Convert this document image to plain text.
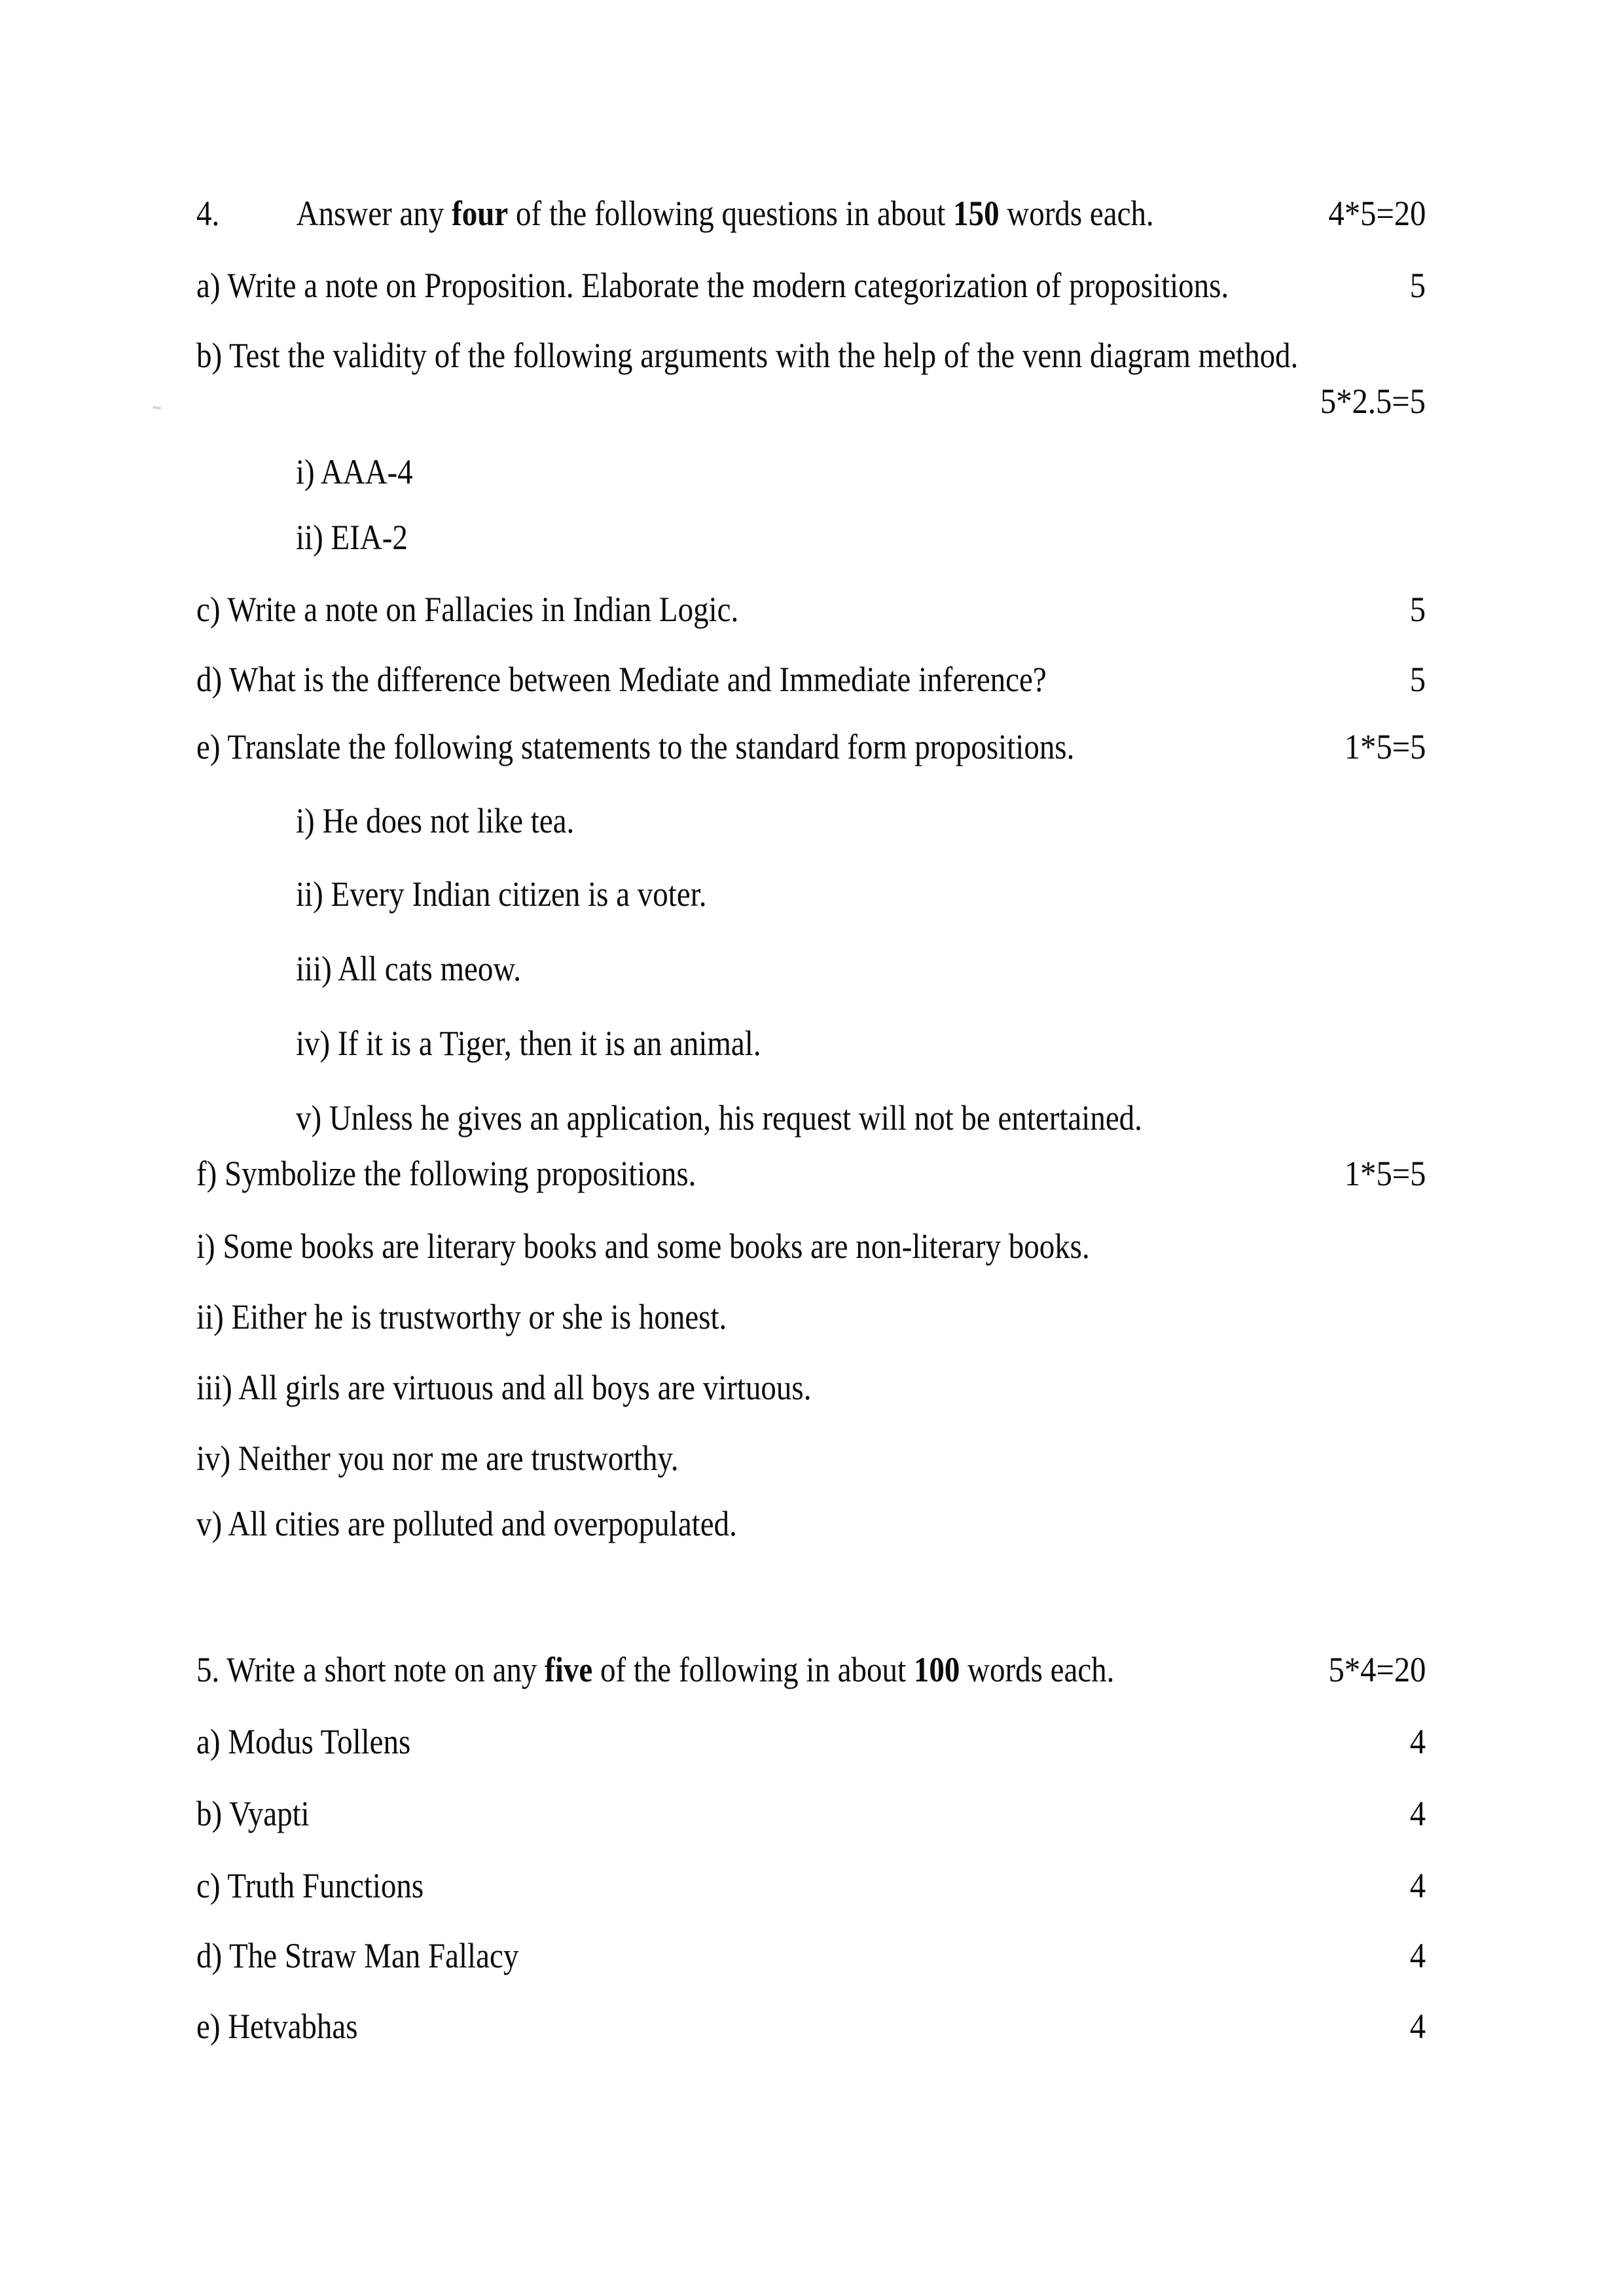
4. Answer any four of the following questions in about 150 words each.	4*5=20
a) Write a note on Proposition. Elaborate the modern categorization of propositions.	5
b) Test the validity of the following arguments with the help of the venn diagram method.
5*2.5=5
i) AAA-4
ii) EIA-2
c) Write a note on Fallacies in Indian Logic.	5
d) What is the difference between Mediate and Immediate inference?	5
e) Translate the following statements to the standard form propositions.	1*5=5
i) He does not like tea.
ii) Every Indian citizen is a voter.
iii) All cats meow.
iv) If it is a Tiger, then it is an animal.
v) Unless he gives an application, his request will not be entertained.
f) Symbolize the following propositions.	1*5=5
i) Some books are literary books and some books are non-literary books.
ii) Either he is trustworthy or she is honest.
iii) All girls are virtuous and all boys are virtuous.
iv) Neither you nor me are trustworthy.
v) All cities are polluted and overpopulated.
5. Write a short note on any five of the following in about 100 words each.	5*4=20
a) Modus Tollens	4
b) Vyapti	4
c) Truth Functions	4
d) The Straw Man Fallacy	4
e) Hetvabhas	4
